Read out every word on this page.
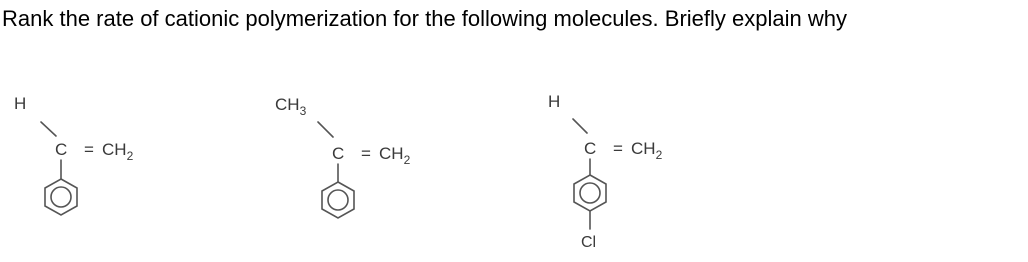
Rank the rate of cationic polymerization for the following molecules. Briefly explain why
H
$C = CH_2$
$CH_3$
$C = CH_2$
H
$C = CH_2$
Cl
